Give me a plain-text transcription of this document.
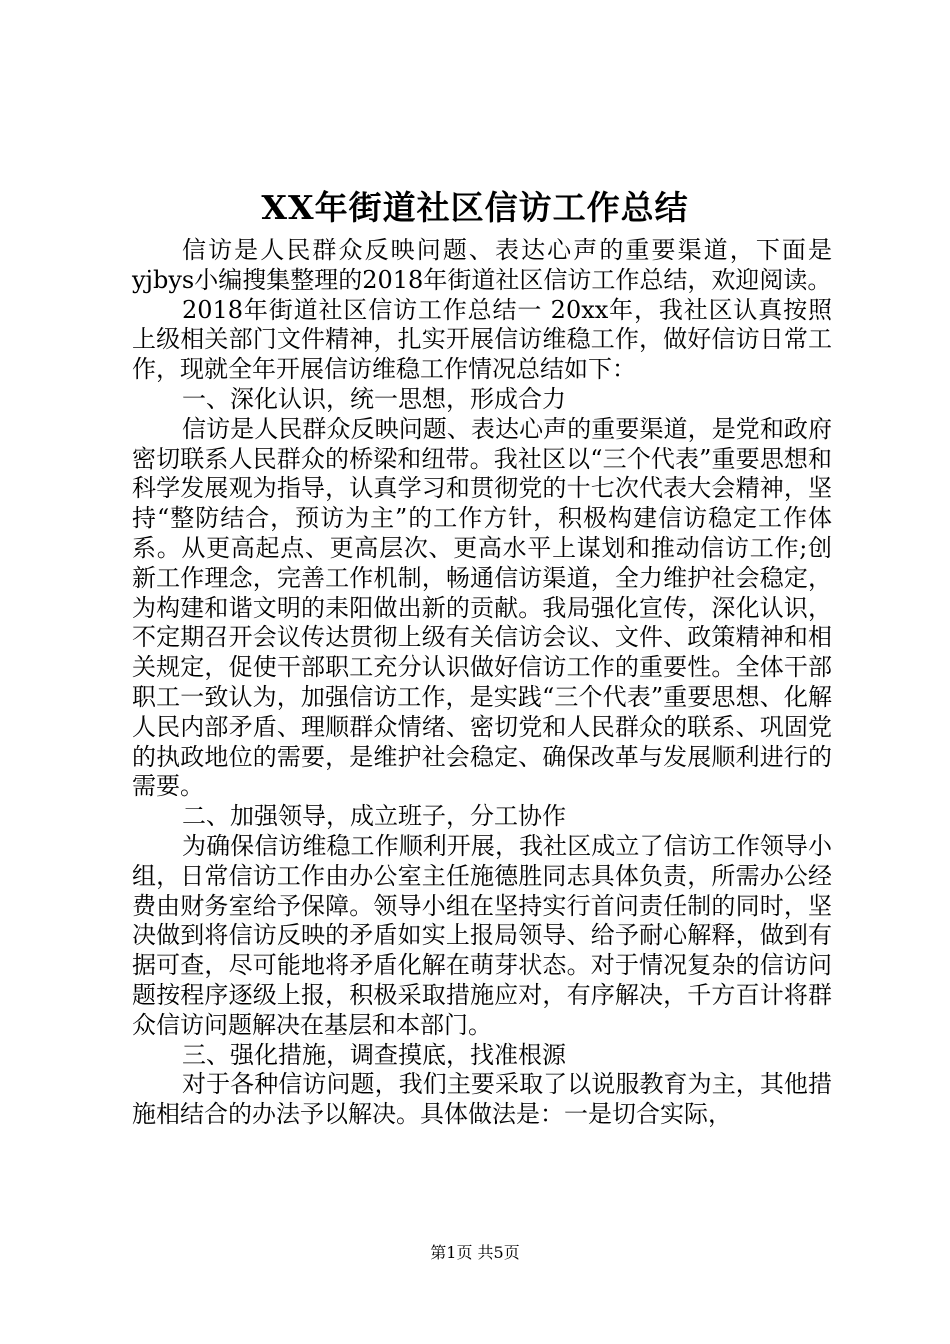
XX年街道社区信访工作总结

信访是人民群众反映问题、表达心声的重要渠道，下面是yjbys小编搜集整理的2018年街道社区信访工作总结，欢迎阅读。

2018年街道社区信访工作总结一 20xx年，我社区认真按照上级相关部门文件精神，扎实开展信访维稳工作，做好信访日常工作，现就全年开展信访维稳工作情况总结如下：

一、深化认识，统一思想，形成合力

信访是人民群众反映问题、表达心声的重要渠道，是党和政府密切联系人民群众的桥梁和纽带。我社区以“三个代表”重要思想和科学发展观为指导，认真学习和贯彻党的十七次代表大会精神，坚持“整防结合，预访为主”的工作方针，积极构建信访稳定工作体系。从更高起点、更高层次、更高水平上谋划和推动信访工作;创新工作理念，完善工作机制，畅通信访渠道，全力维护社会稳定，为构建和谐文明的耒阳做出新的贡献。我局强化宣传，深化认识，不定期召开会议传达贯彻上级有关信访会议、文件、政策精神和相关规定，促使干部职工充分认识做好信访工作的重要性。全体干部职工一致认为，加强信访工作，是实践“三个代表”重要思想、化解人民内部矛盾、理顺群众情绪、密切党和人民群众的联系、巩固党的执政地位的需要，是维护社会稳定、确保改革与发展顺利进行的需要。

二、加强领导，成立班子，分工协作

为确保信访维稳工作顺利开展，我社区成立了信访工作领导小组，日常信访工作由办公室主任施德胜同志具体负责，所需办公经费由财务室给予保障。领导小组在坚持实行首问责任制的同时，坚决做到将信访反映的矛盾如实上报局领导、给予耐心解释，做到有据可查，尽可能地将矛盾化解在萌芽状态。对于情况复杂的信访问题按程序逐级上报，积极采取措施应对，有序解决，千方百计将群众信访问题解决在基层和本部门。

三、强化措施，调查摸底，找准根源

对于各种信访问题，我们主要采取了以说服教育为主，其他措施相结合的办法予以解决。具体做法是：一是切合实际，

第1页 共5页
